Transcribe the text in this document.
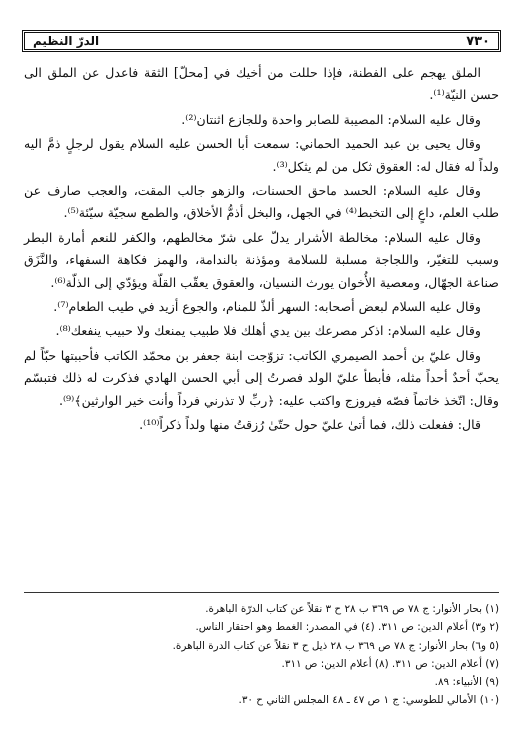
الدرّ النظيم	٧٣٠

الملق يهجم على الفطنة، فإذا حللت من أخيك في [محلّ] الثقة فاعدل عن الملق الى حسن النيّة⁽¹⁾.

وقال عليه السلام: المصيبة للصابر واحدة وللجازع اثنتان⁽²⁾.

وقال يحيى بن عبد الحميد الحماني: سمعت أبا الحسن عليه السلام يقول لرجلٍ ذمَّ اليه ولداً له فقال له: العقوق ثكل من لم يثكل⁽³⁾.

وقال عليه السلام: الحسد ماحق الحسنات، والزهو جالب المقت، والعجب صارف عن طلب العلم، داعٍ إلى التخبط⁽⁴⁾ في الجهل، والبخل أذمُّ الأخلاق، والطمع سجيّة سيّئة⁽⁵⁾.

وقال عليه السلام: مخالطة الأشرار يدلّ على شرّ مخالطهم، والكفر للنعم أمارة البطر وسبب للتغيّر، واللجاجة مسلبة للسلامة ومؤذنة بالندامة، والهمز فكاهة السفهاء، والنَّزَق صناعة الجهّال، ومعصية الأُخوان يورث النسيان، والعقوق يعقّب القلّة ويؤدّي إلى الذلّة⁽⁶⁾.

وقال عليه السلام لبعض أصحابه: السهر ألذّ للمنام، والجوع أزيد في طيب الطعام⁽⁷⁾.

وقال عليه السلام: اذكر مصرعك بين يدي أهلك فلا طبيب يمنعك ولا حبيب ينفعك⁽⁸⁾.

وقال عليّ بن أحمد الصيمري الكاتب: تزوّجت ابنة جعفر بن محمّد الكاتب فأحببتها حبّاً لم يحبّ أحدٌ أحداً مثله، فأبطأ عليّ الولد فصرتُ إلى أبي الحسن الهادي فذكرت له ذلك فتبسّم وقال: اتّخذ خاتماً فصّه فيروزج واكتب عليه: ﴿ربِّ لا تذرني فرداً وأنت خير الوارثين﴾⁽⁹⁾.

قال: ففعلت ذلك، فما أتىٰ عليّ حول حتّىٰ رُزقتُ منها ولداً ذكراً⁽¹⁰⁾.

(١) بحار الأنوار: ج ٧٨ ص ٣٦٩ ب ٢٨ ح ٣ نقلاً عن كتاب الدرّة الباهرة.
(٢ و٣) أعلام الدين: ص ٣١١. (٤) في المصدر: الغمط وهو احتقار الناس.
(٥ و٦) بحار الأنوار: ج ٧٨ ص ٣٦٩ ب ٢٨ ذيل ح ٣ نقلاً عن كتاب الدرة الباهرة.
(٧) أعلام الدين: ص ٣١١. (٨) أعلام الدين: ص ٣١١.
(٩) الأنبياء: ٨٩.
(١٠) الأمالي للطوسي: ج ١ ص ٤٧ ـ ٤٨ المجلس الثاني ح ٣٠.
